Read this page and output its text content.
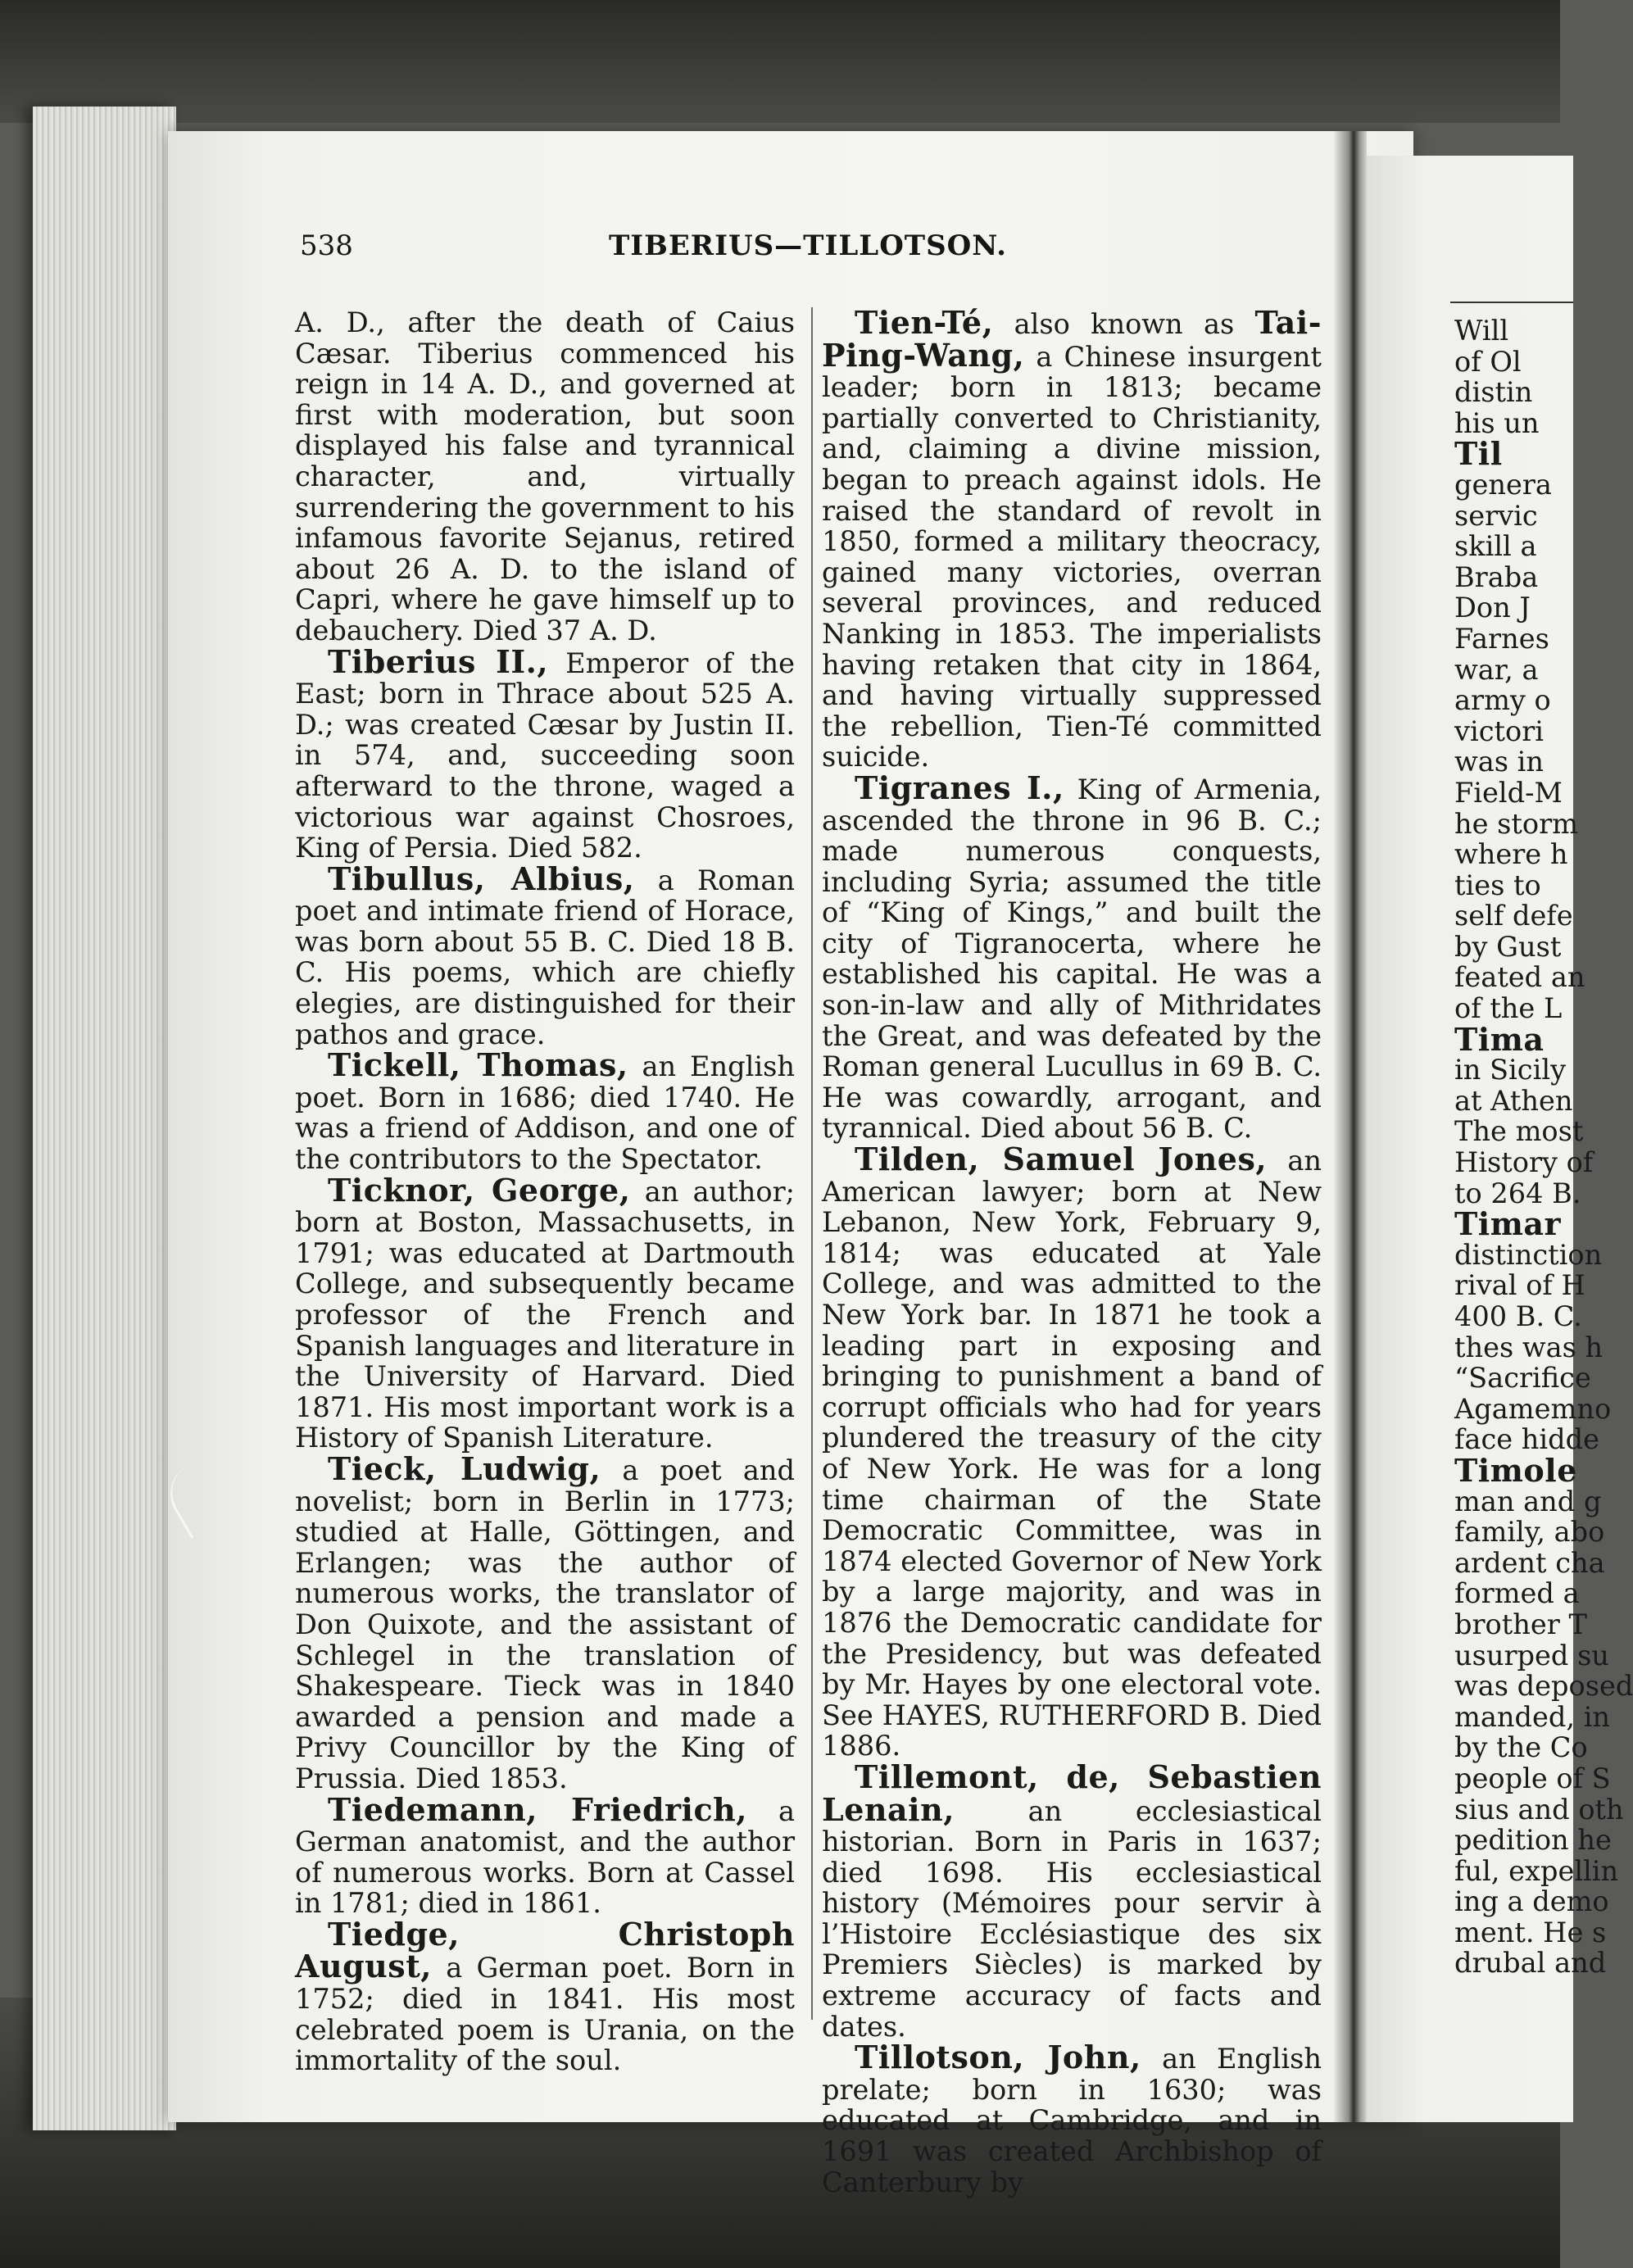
538	TIBERIUS—TILLOTSON.

A. D., after the death of Caius Cæsar. Tiberius commenced his reign in 14 A. D., and governed at first with moderation, but soon displayed his false and tyrannical character, and, virtually surrendering the government to his infamous favorite Sejanus, retired about 26 A. D. to the island of Capri, where he gave himself up to debauchery. Died 37 A. D.

Tiberius II., Emperor of the East; born in Thrace about 525 A. D.; was created Cæsar by Justin II. in 574, and, succeeding soon afterward to the throne, waged a victorious war against Chosroes, King of Persia. Died 582.

Tibullus, Albius, a Roman poet and intimate friend of Horace, was born about 55 B. C. Died 18 B. C. His poems, which are chiefly elegies, are distinguished for their pathos and grace.

Tickell, Thomas, an English poet. Born in 1686; died 1740. He was a friend of Addison, and one of the contributors to the Spectator.

Ticknor, George, an author; born at Boston, Massachusetts, in 1791; was educated at Dartmouth College, and subsequently became professor of the French and Spanish languages and literature in the University of Harvard. Died 1871. His most important work is a History of Spanish Literature.

Tieck, Ludwig, a poet and novelist; born in Berlin in 1773; studied at Halle, Göttingen, and Erlangen; was the author of numerous works, the translator of Don Quixote, and the assistant of Schlegel in the translation of Shakespeare. Tieck was in 1840 awarded a pension and made a Privy Councillor by the King of Prussia. Died 1853.

Tiedemann, Friedrich, a German anatomist, and the author of numerous works. Born at Cassel in 1781; died in 1861.

Tiedge, Christoph August, a German poet. Born in 1752; died in 1841. His most celebrated poem is Urania, on the immortality of the soul.

Tien-Té, also known as Tai-Ping-Wang, a Chinese insurgent leader; born in 1813; became partially converted to Christianity, and, claiming a divine mission, began to preach against idols. He raised the standard of revolt in 1850, formed a military theocracy, gained many victories, overran several provinces, and reduced Nanking in 1853. The imperialists having retaken that city in 1864, and having virtually suppressed the rebellion, Tien-Té committed suicide.

Tigranes I., King of Armenia, ascended the throne in 96 B. C.; made numerous conquests, including Syria; assumed the title of “King of Kings,” and built the city of Tigranocerta, where he established his capital. He was a son-in-law and ally of Mithridates the Great, and was defeated by the Roman general Lucullus in 69 B. C. He was cowardly, arrogant, and tyrannical. Died about 56 B. C.

Tilden, Samuel Jones, an American lawyer; born at New Lebanon, New York, February 9, 1814; was educated at Yale College, and was admitted to the New York bar. In 1871 he took a leading part in exposing and bringing to punishment a band of corrupt officials who had for years plundered the treasury of the city of New York. He was for a long time chairman of the State Democratic Committee, was in 1874 elected Governor of New York by a large majority, and was in 1876 the Democratic candidate for the Presidency, but was defeated by Mr. Hayes by one electoral vote. See HAYES, RUTHERFORD B. Died 1886.

Tillemont, de, Sebastien Lenain, an ecclesiastical historian. Born in Paris in 1637; died 1698. His ecclesiastical history (Mémoires pour servir à l’Histoire Ecclésiastique des six Premiers Siècles) is marked by extreme accuracy of facts and dates.

Tillotson, John, an English prelate; born in 1630; was educated at Cambridge, and in 1691 was created Archbishop of Canterbury by

Will
of Ol
distin
his un
Til
genera
servic
skill a
Braba
Don J
Farnes
war, a
army o
victori
was in
Field-M
he storm
where h
ties to
self defe
by Gust
feated an
of the L
Tima
in Sicily
at Athen
The most
History of
to 264 B.
Timar
distinction
rival of H
400 B. C.
thes was h
“Sacrifice
Agamemno
face hidde
Timole
man and g
family, abo
ardent cha
formed a
brother T
usurped su
was deposed
manded, in
by the Co
people of S
sius and oth
pedition he
ful, expellin
ing a demo
ment. He s
drubal and
